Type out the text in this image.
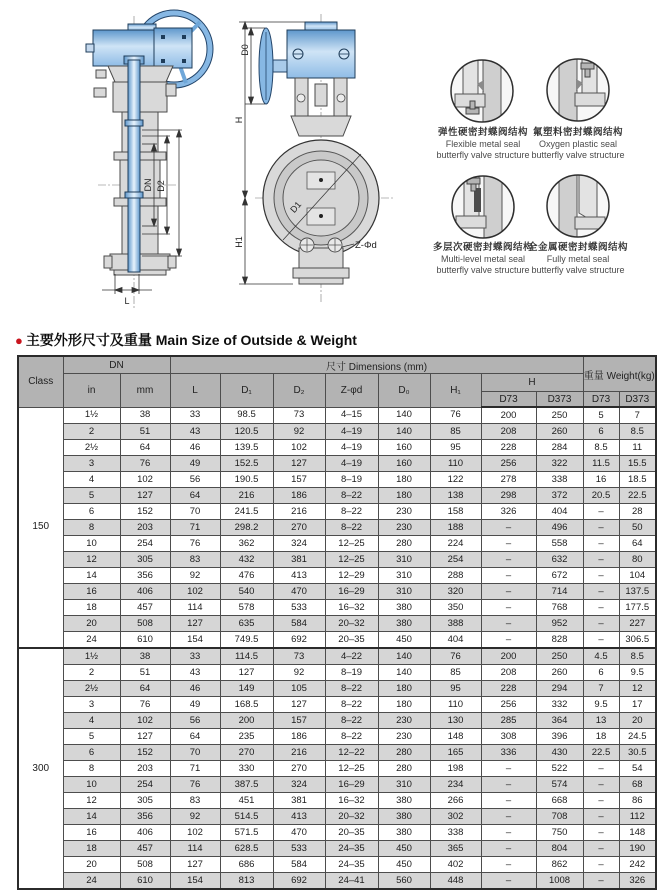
DN D2
L
D1
Z-Φd
D0
H
H1
弹性硬密封蝶阀结构
Flexible metal seal
butterfly valve structure
氟塑料密封蝶阀结构
Oxygen plastic seal
butterfly valve structure
多层次硬密封蝶阀结构
Multi-level metal seal
butterfly valve structure
全金属硬密封蝶阀结构
Fully metal seal
butterfly valve structure
● 主要外形尺寸及重量 Main Size of Outside & Weight
Class	DN		尺寸 Dimensions (mm)								重量 Weight(kg)	
	in	mm	L	D₁	D₂	Z-φd	D₀	H₁	H			
									D73	D373	D73	D373
150	1½	38	33	98.5	73	4–15	140	76	200	250	5	7
	2	51	43	120.5	92	4–19	140	85	208	260	6	8.5
	2½	64	46	139.5	102	4–19	160	95	228	284	8.5	11
	3	76	49	152.5	127	4–19	160	110	256	322	11.5	15.5
	4	102	56	190.5	157	8–19	180	122	278	338	16	18.5
	5	127	64	216	186	8–22	180	138	298	372	20.5	22.5
	6	152	70	241.5	216	8–22	230	158	326	404	–	28
	8	203	71	298.2	270	8–22	230	188	–	496	–	50
	10	254	76	362	324	12–25	280	224	–	558	–	64
	12	305	83	432	381	12–25	310	254	–	632	–	80
	14	356	92	476	413	12–29	310	288	–	672	–	104
	16	406	102	540	470	16–29	310	320	–	714	–	137.5
	18	457	114	578	533	16–32	380	350	–	768	–	177.5
	20	508	127	635	584	20–32	380	388	–	952	–	227
	24	610	154	749.5	692	20–35	450	404	–	828	–	306.5
300	1½	38	33	114.5	73	4–22	140	76	200	250	4.5	8.5
	2	51	43	127	92	8–19	140	85	208	260	6	9.5
	2½	64	46	149	105	8–22	180	95	228	294	7	12
	3	76	49	168.5	127	8–22	180	110	256	332	9.5	17
	4	102	56	200	157	8–22	230	130	285	364	13	20
	5	127	64	235	186	8–22	230	148	308	396	18	24.5
	6	152	70	270	216	12–22	280	165	336	430	22.5	30.5
	8	203	71	330	270	12–25	280	198	–	522	–	54
	10	254	76	387.5	324	16–29	310	234	–	574	–	68
	12	305	83	451	381	16–32	380	266	–	668	–	86
	14	356	92	514.5	413	20–32	380	302	–	708	–	112
	16	406	102	571.5	470	20–35	380	338	–	750	–	148
	18	457	114	628.5	533	24–35	450	365	–	804	–	190
	20	508	127	686	584	24–35	450	402	–	862	–	242
	24	610	154	813	692	24–41	560	448	–	1008	–	326
